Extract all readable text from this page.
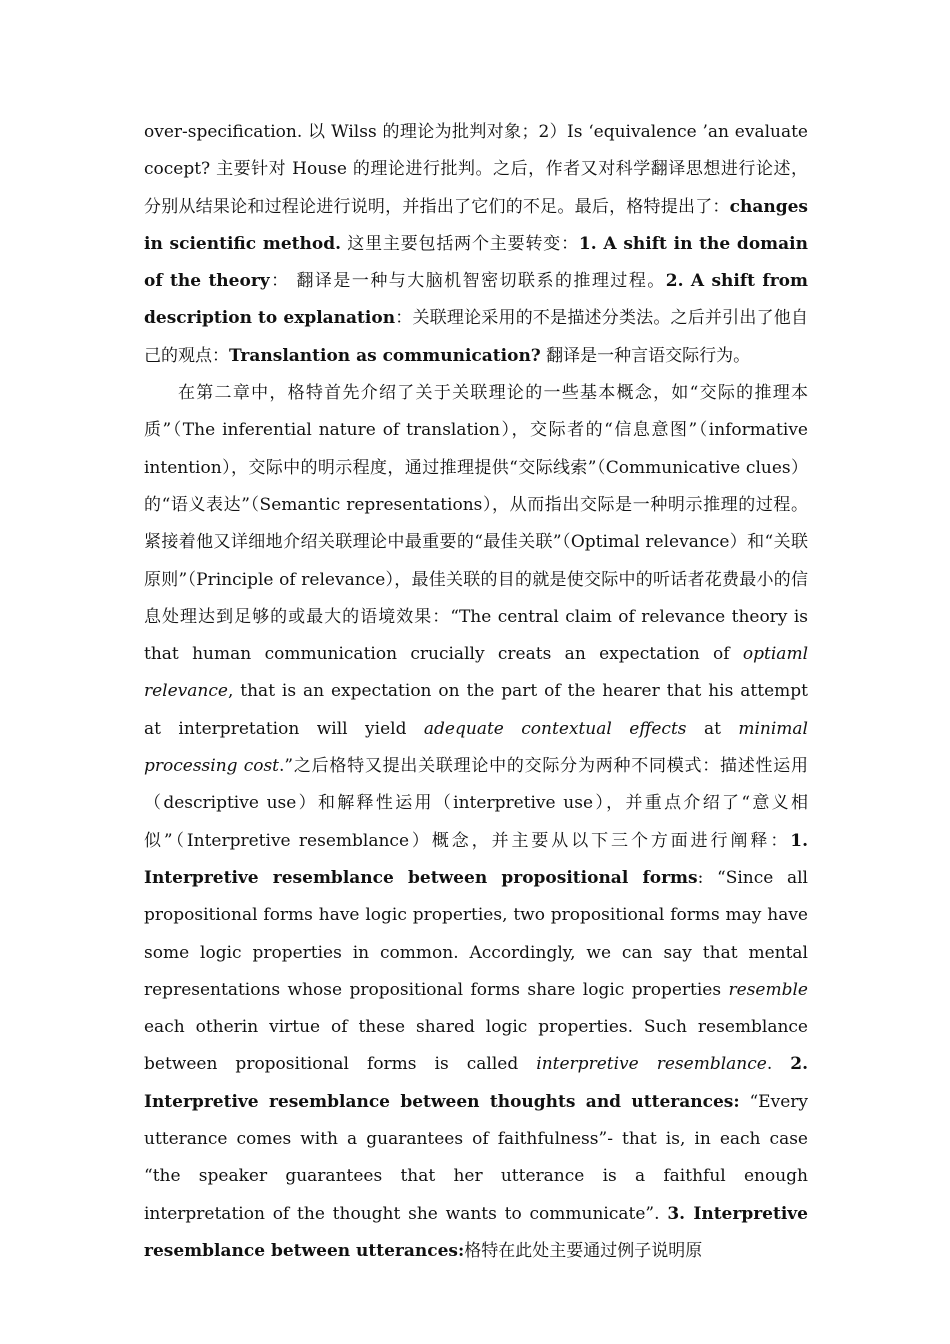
over-specification. 以 Wilss 的理论为批判对象；2）Is ‘equivalence ’an evaluate cocept? 主要针对 House 的理论进行批判。之后，作者又对科学翻译思想进行论述，分别从结果论和过程论进行说明，并指出了它们的不足。最后，格特提出了：changes in scientific method. 这里主要包括两个主要转变：1. A shift in the domain of the theory： 翻译是一种与大脑机智密切联系的推理过程。2. A shift from description to explanation：关联理论采用的不是描述分类法。之后并引出了他自己的观点：Translantion as communication? 翻译是一种言语交际行为。

在第二章中，格特首先介绍了关于关联理论的一些基本概念，如“交际的推理本质”（The inferential nature of translation），交际者的“信息意图”（informative intention），交际中的明示程度，通过推理提供“交际线索”（Communicative clues）的“语义表达”（Semantic representations），从而指出交际是一种明示推理的过程。紧接着他又详细地介绍关联理论中最重要的“最佳关联”（Optimal relevance）和“关联原则”（Principle of relevance），最佳关联的目的就是使交际中的听话者花费最小的信息处理达到足够的或最大的语境效果：“The central claim of relevance theory is that human communication crucially creats an expectation of optiaml relevance, that is an expectation on the part of the hearer that his attempt at interpretation will yield adequate contextual effects at minimal processing cost.”之后格特又提出关联理论中的交际分为两种不同模式：描述性运用（descriptive use）和解释性运用（interpretive use），并重点介绍了“意义相似”（Interpretive resemblance）概念，并主要从以下三个方面进行阐释：1. Interpretive resemblance between propositional forms: “Since all propositional forms have logic properties, two propositional forms may have some logic properties in common. Accordingly, we can say that mental representations whose propositional forms share logic properties resemble each otherin virtue of these shared logic properties. Such resemblance between propositional forms is called interpretive resemblance. 2. Interpretive resemblance between thoughts and utterances: “Every utterance comes with a guarantees of faithfulness”- that is, in each case “the speaker guarantees that her utterance is a faithful enough interpretation of the thought she wants to communicate”. 3. Interpretive resemblance between utterances:格特在此处主要通过例子说明原
